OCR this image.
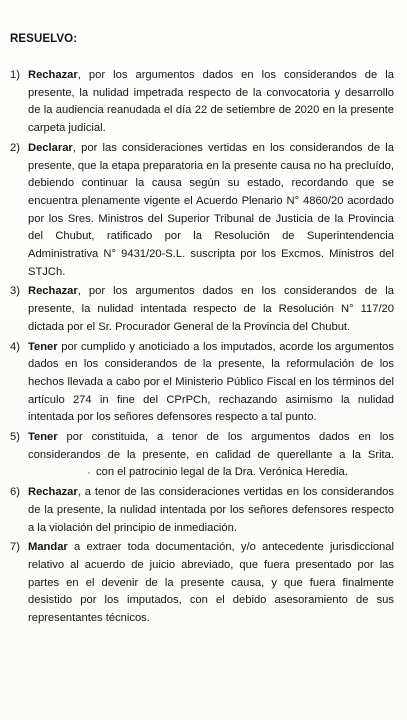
RESUELVO:
1) Rechazar, por los argumentos dados en los considerandos de la presente, la nulidad impetrada respecto de la convocatoria y desarrollo de la audiencia reanudada el día 22 de setiembre de 2020 en la presente carpeta judicial.
2) Declarar, por las consideraciones vertidas en los considerandos de la presente, que la etapa preparatoria en la presente causa no ha precluído, debiendo continuar la causa según su estado, recordando que se encuentra plenamente vigente el Acuerdo Plenario N° 4860/20 acordado por los Sres. Ministros del Superior Tribunal de Justicia de la Provincia del Chubut, ratificado por la Resolución de Superintendencia Administrativa N° 9431/20-S.L. suscripta por los Excmos. Ministros del STJCh.
3) Rechazar, por los argumentos dados en los considerandos de la presente, la nulidad intentada respecto de la Resolución N° 117/20 dictada por el Sr. Procurador General de la Provincia del Chubut.
4) Tener por cumplido y anoticiado a los imputados, acorde los argumentos dados en los considerandos de la presente, la reformulación de los hechos llevada a cabo por el Ministerio Público Fiscal en los términos del artículo 274 in fine del CPrPCh, rechazando asimismo la nulidad intentada por los señores defensores respecto a tal punto.
5) Tener por constituida, a tenor de los argumentos dados en los considerandos de la presente, en calidad de querellante a la Srita. con el patrocinio legal de la Dra. Verónica Heredia.
6) Rechazar, a tenor de las consideraciones vertidas en los considerandos de la presente, la nulidad intentada por los señores defensores respecto a la violación del principio de inmediación.
7) Mandar a extraer toda documentación, y/o antecedente jurisdiccional relativo al acuerdo de juicio abreviado, que fuera presentado por las partes en el devenir de la presente causa, y que fuera finalmente desistido por los imputados, con el debido asesoramiento de sus representantes técnicos.
